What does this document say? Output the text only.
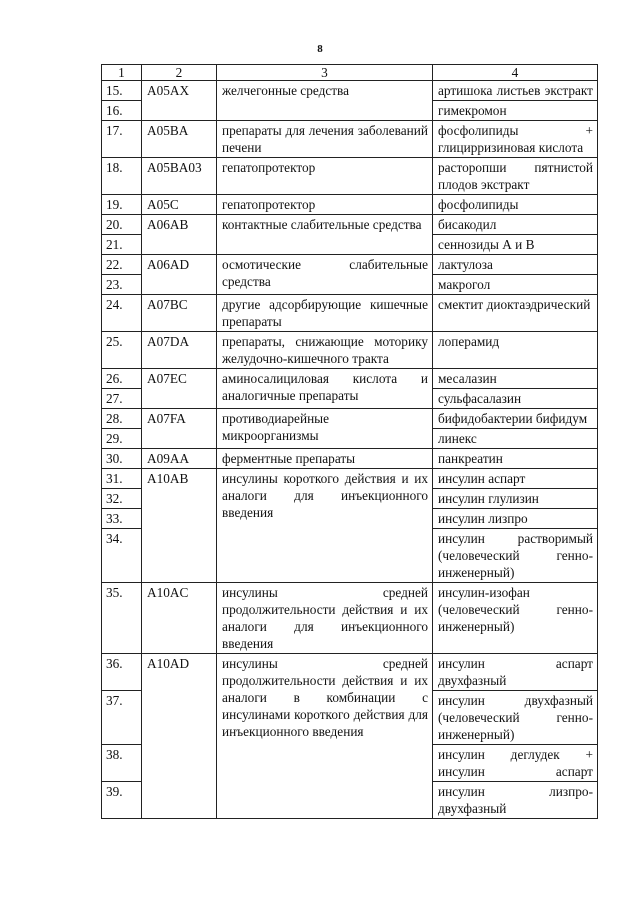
8
1	2	3	4
15.	A05AX	желчегонные средства	артишока листьев экстракт
16.			гимекромон
17.	A05BA	препараты для лечения заболеваний печени	фосфолипиды + глицирризиновая кислота
18.	A05BA03	гепатопротектор	расторопши пятнистой плодов экстракт
19.	A05C	гепатопротектор	фосфолипиды
20.	A06AB	контактные слабительные средства	бисакодил
21.			сеннозиды А и В
22.	A06AD	осмотические слабительные средства	лактулоза
23.			макрогол
24.	A07BC	другие адсорбирующие кишечные препараты	смектит диоктаэдрический
25.	A07DA	препараты, снижающие моторику желудочно-кишечного тракта	лоперамид
26.	A07EC	аминосалициловая кислота и аналогичные препараты	месалазин
27.			сульфасалазин
28.	A07FA	противодиарейные микроорганизмы	бифидобактерии бифидум
29.			линекс
30.	A09AA	ферментные препараты	панкреатин
31.	A10AB	инсулины короткого действия и их аналоги для инъекционного введения	инсулин аспарт
32.			инсулин глулизин
33.			инсулин лизпро
34.			инсулин растворимый (человеческий генно-инженерный)
35.	A10AC	инсулины средней продолжительности действия и их аналоги для инъекционного введения	инсулин-изофан (человеческий генно-инженерный)
36.	A10AD	инсулины средней продолжительности действия и их аналоги в комбинации с инсулинами короткого действия для инъекционного введения	инсулин аспарт двухфазный
37.			инсулин двухфазный (человеческий генно-инженерный)
38.			инсулин деглудек + инсулин аспарт
39.			инсулин лизпро-двухфазный
